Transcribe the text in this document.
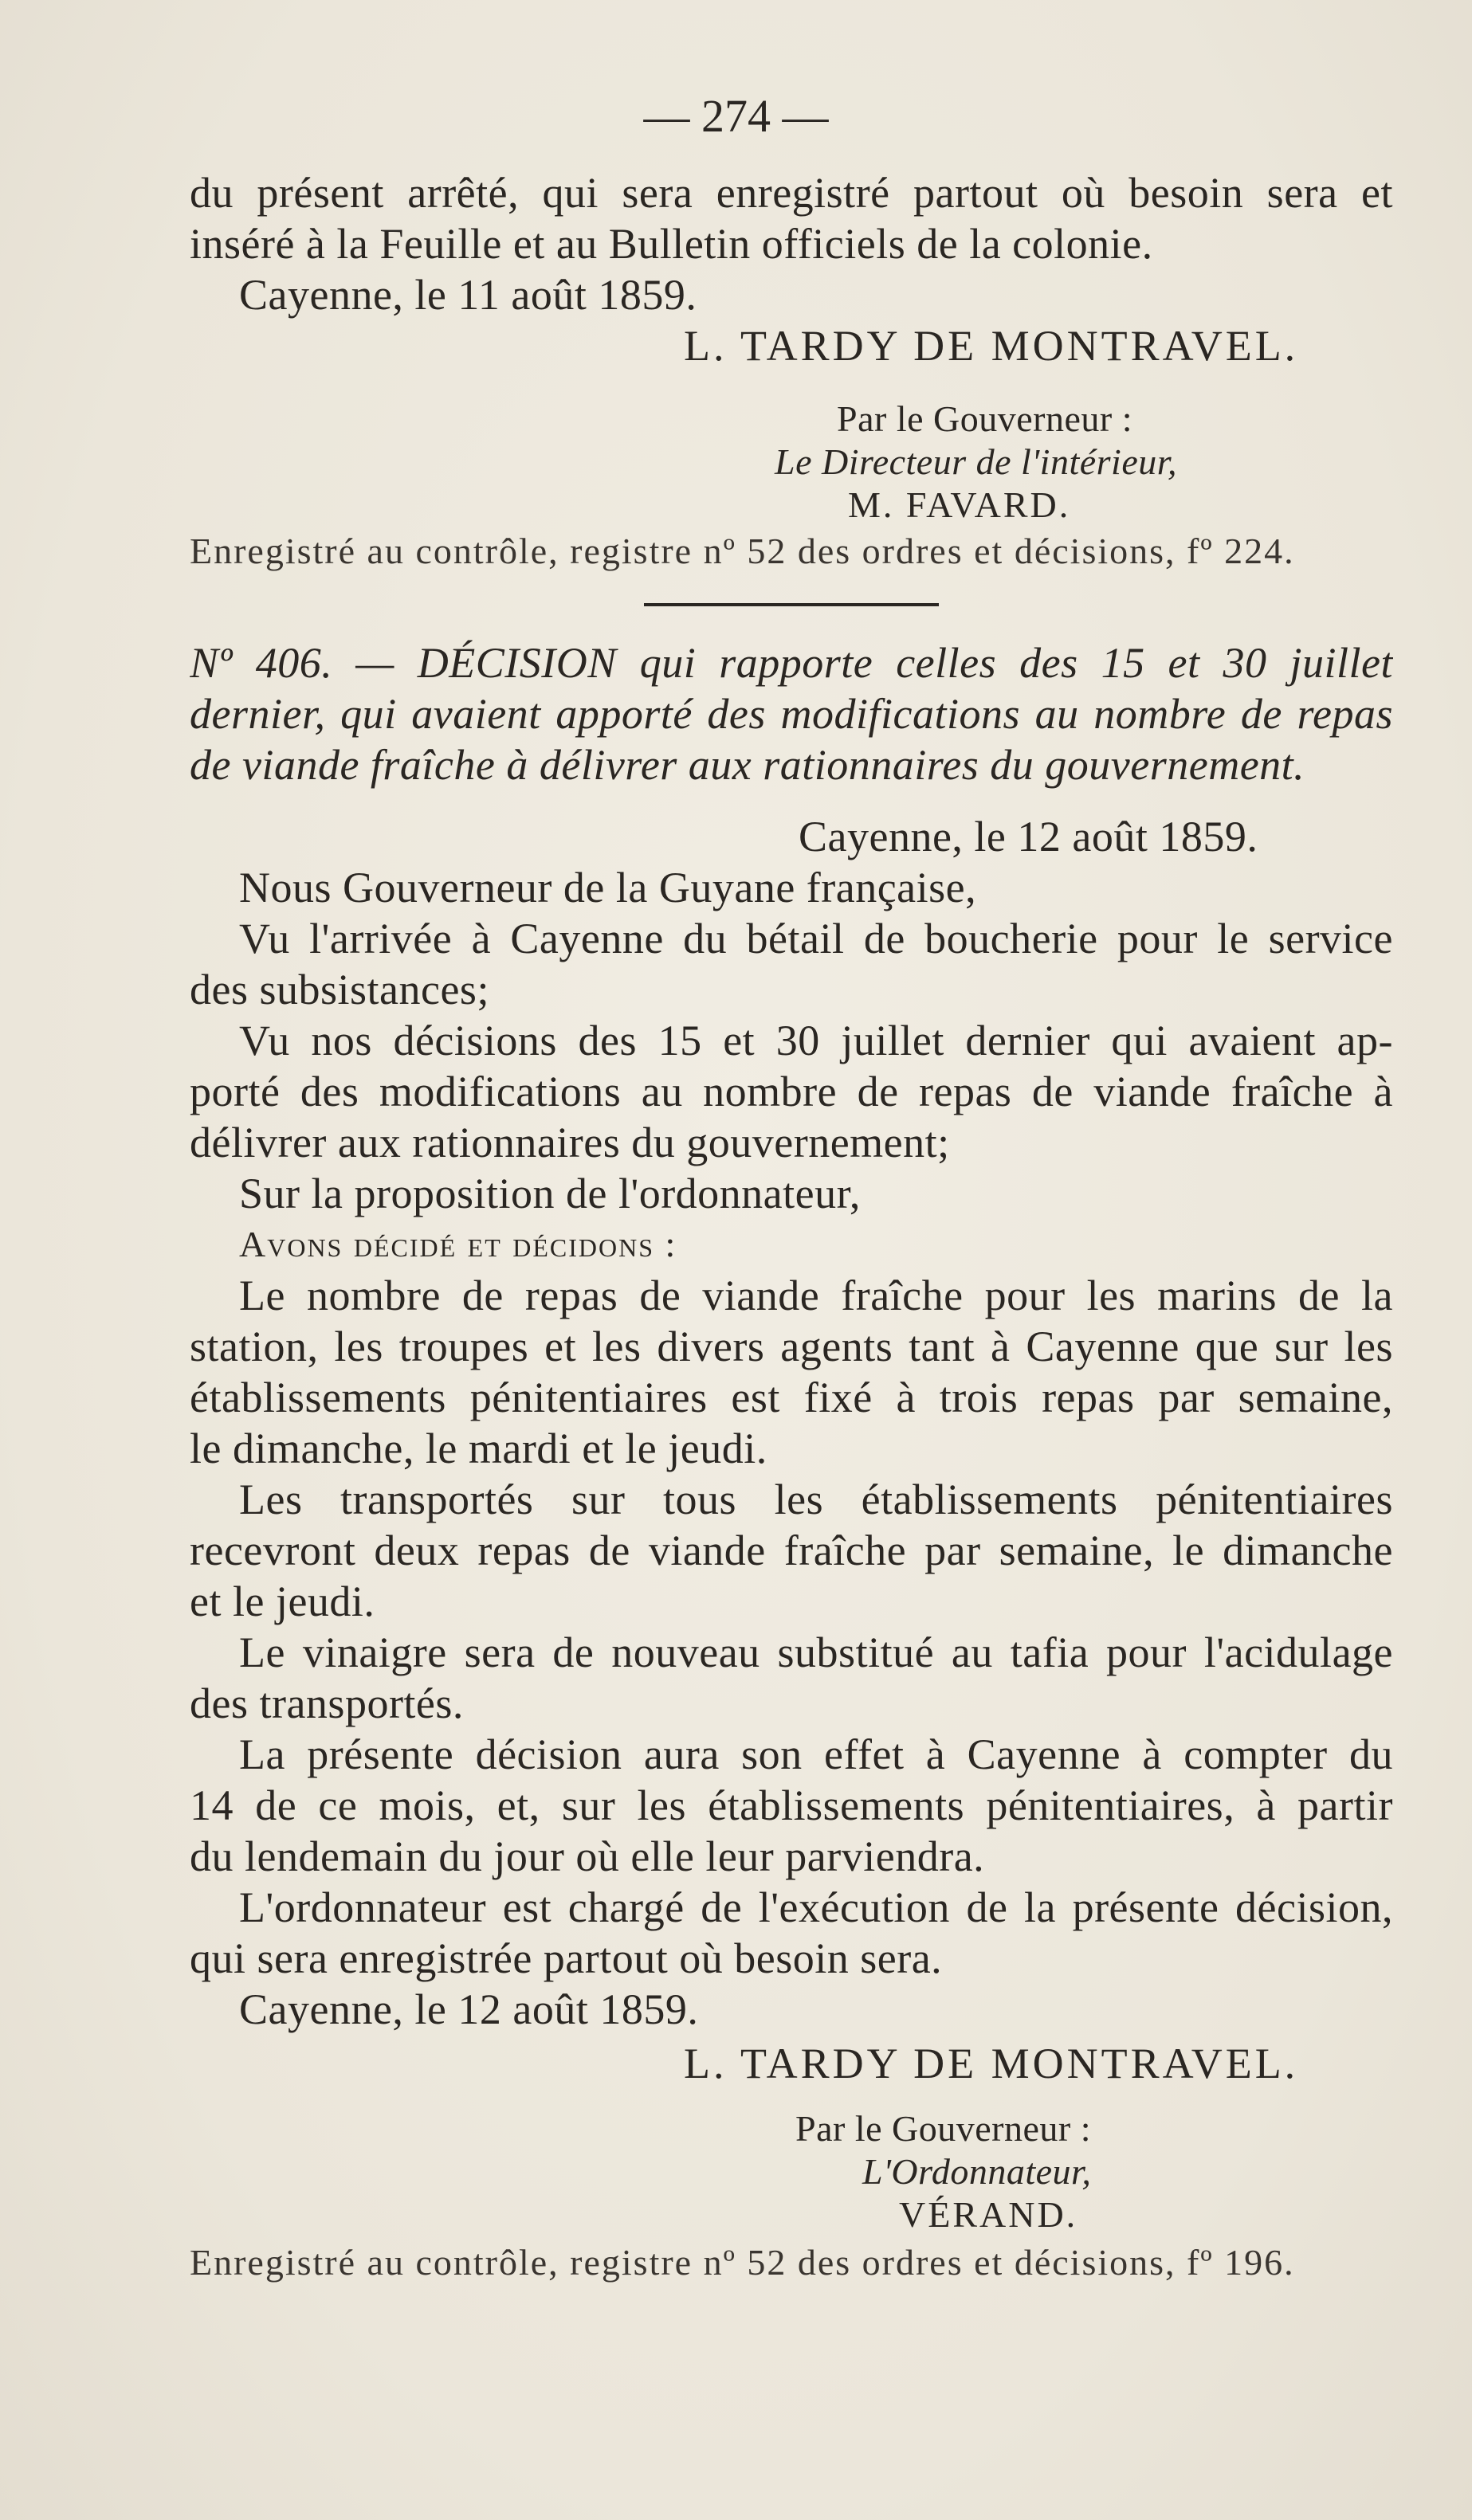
— 274 —
du présent arrêté, qui sera enregistré partout où besoin sera et
inséré à la Feuille et au Bulletin officiels de la colonie.
Cayenne, le 11 août 1859.
L. TARDY DE MONTRAVEL.
Par le Gouverneur :
Le Directeur de l'intérieur,
M. FAVARD.
Enregistré au contrôle, registre nº 52 des ordres et décisions, fº 224.
Nº 406. — DÉCISION qui rapporte celles des 15 et 30 juillet
dernier, qui avaient apporté des modifications au nombre de repas
de viande fraîche à délivrer aux rationnaires du gouvernement.
Cayenne, le 12 août 1859.
Nous Gouverneur de la Guyane française,
Vu l'arrivée à Cayenne du bétail de boucherie pour le service
des subsistances;
Vu nos décisions des 15 et 30 juillet dernier qui avaient ap-
porté des modifications au nombre de repas de viande fraîche à
délivrer aux rationnaires du gouvernement;
Sur la proposition de l'ordonnateur,
Avons décidé et décidons :
Le nombre de repas de viande fraîche pour les marins de la
station, les troupes et les divers agents tant à Cayenne que sur les
établissements pénitentiaires est fixé à trois repas par semaine,
le dimanche, le mardi et le jeudi.
Les transportés sur tous les établissements pénitentiaires
recevront deux repas de viande fraîche par semaine, le dimanche
et le jeudi.
Le vinaigre sera de nouveau substitué au tafia pour l'acidulage
des transportés.
La présente décision aura son effet à Cayenne à compter du
14 de ce mois, et, sur les établissements pénitentiaires, à partir
du lendemain du jour où elle leur parviendra.
L'ordonnateur est chargé de l'exécution de la présente décision,
qui sera enregistrée partout où besoin sera.
Cayenne, le 12 août 1859.
L. TARDY DE MONTRAVEL.
Par le Gouverneur :
L'Ordonnateur,
VÉRAND.
Enregistré au contrôle, registre nº 52 des ordres et décisions, fº 196.
